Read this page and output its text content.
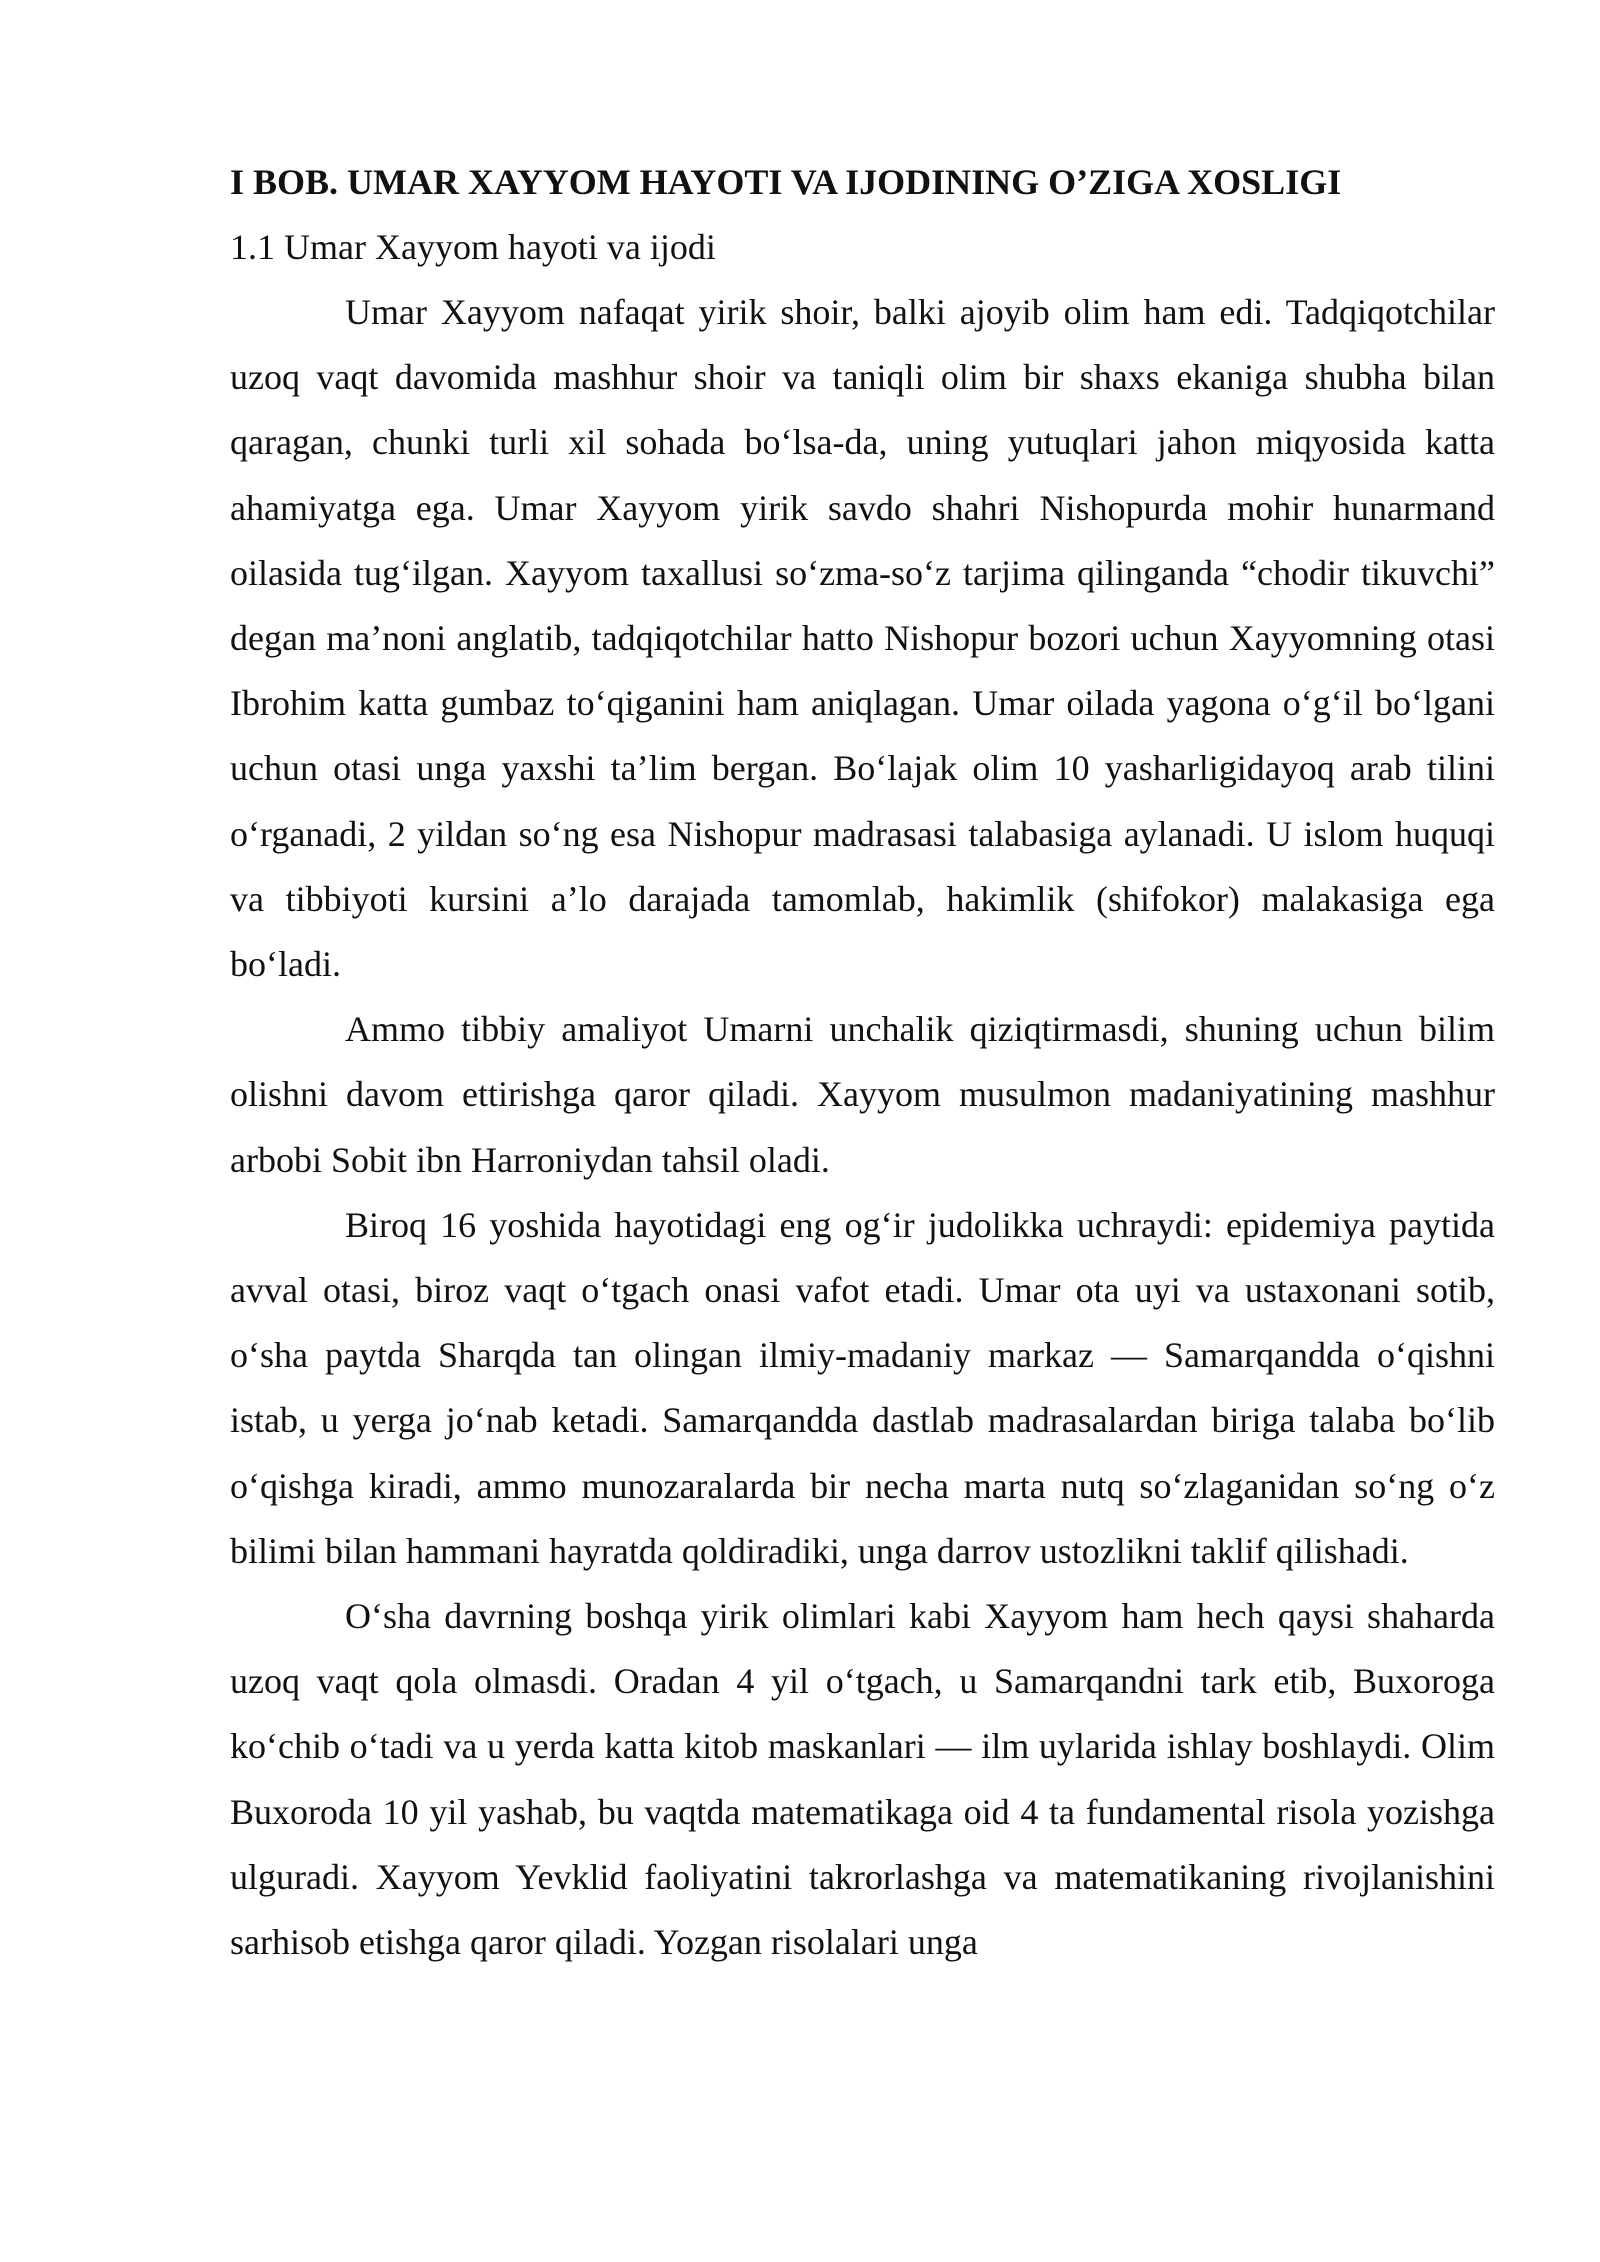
I BOB. UMAR XAYYOM HAYOTI VA IJODINING O’ZIGA XOSLIGI
1.1 Umar Xayyom hayoti va ijodi

Umar Xayyom nafaqat yirik shoir, balki ajoyib olim ham edi. Tadqiqotchilar uzoq vaqt davomida mashhur shoir va taniqli olim bir shaxs ekaniga shubha bilan qaragan, chunki turli xil sohada boʻlsa-da, uning yutuqlari jahon miqyosida katta ahamiyatga ega. Umar Xayyom yirik savdo shahri Nishopurda mohir hunarmand oilasida tugʻilgan. Xayyom taxallusi soʻzma-soʻz tarjima qilinganda “chodir tikuvchi” degan maʼnoni anglatib, tadqiqotchilar hatto Nishopur bozori uchun Xayyomning otasi Ibrohim katta gumbaz toʻqiganini ham aniqlagan. Umar oilada yagona oʻgʻil boʻlgani uchun otasi unga yaxshi taʼlim bergan. Boʻlajak olim 10 yasharligidayoq arab tilini oʻrganadi, 2 yildan soʻng esa Nishopur madrasasi talabasiga aylanadi. U islom huquqi va tibbiyoti kursini aʼlo darajada tamomlab, hakimlik (shifokor) malakasiga ega boʻladi.

Ammo tibbiy amaliyot Umarni unchalik qiziqtirmasdi, shuning uchun bilim olishni davom ettirishga qaror qiladi. Xayyom musulmon madaniyatining mashhur arbobi Sobit ibn Harroniydan tahsil oladi.

Biroq 16 yoshida hayotidagi eng ogʻir judolikka uchraydi: epidemiya paytida avval otasi, biroz vaqt oʻtgach onasi vafot etadi. Umar ota uyi va ustaxonani sotib, oʻsha paytda Sharqda tan olingan ilmiy-madaniy markaz — Samarqandda oʻqishni istab, u yerga joʻnab ketadi. Samarqandda dastlab madrasalardan biriga talaba boʻlib oʻqishga kiradi, ammo munozaralarda bir necha marta nutq soʻzlaganidan soʻng oʻz bilimi bilan hammani hayratda qoldiradiki, unga darrov ustozlikni taklif qilishadi.

Oʻsha davrning boshqa yirik olimlari kabi Xayyom ham hech qaysi shaharda uzoq vaqt qola olmasdi. Oradan 4 yil oʻtgach, u Samarqandni tark etib, Buxoroga koʻchib oʻtadi va u yerda katta kitob maskanlari — ilm uylarida ishlay boshlaydi. Olim Buxoroda 10 yil yashab, bu vaqtda matematikaga oid 4 ta fundamental risola yozishga ulguradi. Xayyom Yevklid faoliyatini takrorlashga va matematikaning rivojlanishini sarhisob etishga qaror qiladi. Yozgan risolalari unga
